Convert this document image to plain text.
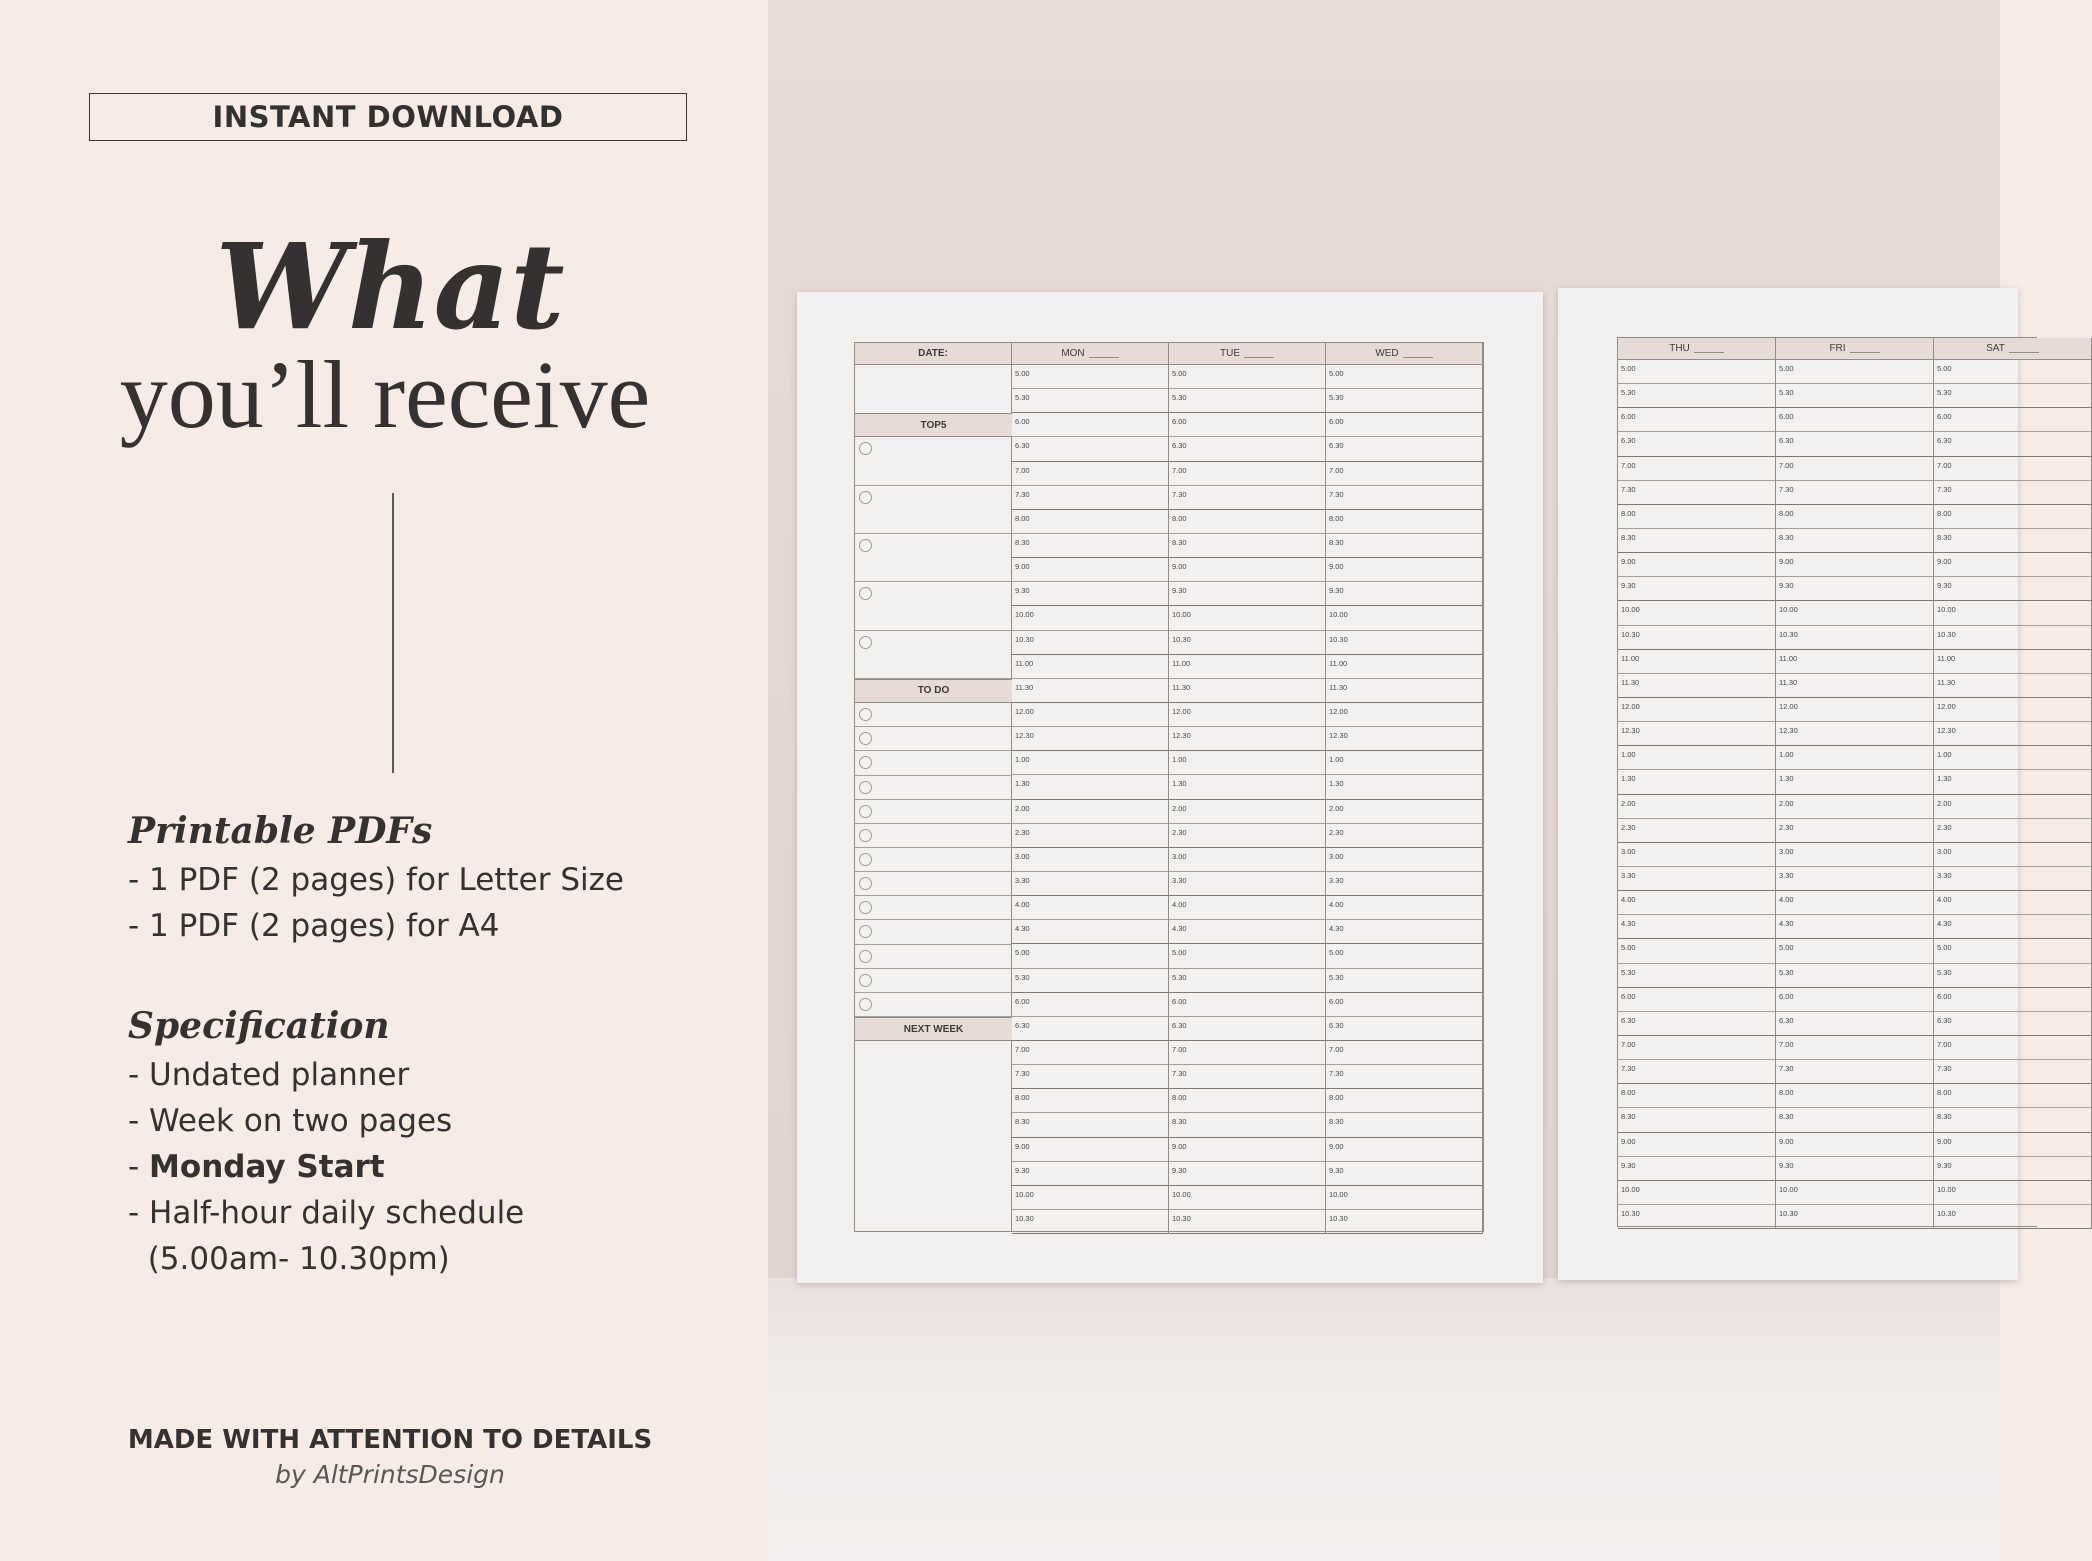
INSTANT DOWNLOAD
What
you’ll receive
Printable PDFs
- 1 PDF (2 pages) for Letter Size
- 1 PDF (2 pages) for A4
Specification
- Undated planner
- Week on two pages
- Monday Start
- Half-hour daily schedule
(5.00am- 10.30pm)
MADE WITH ATTENTION TO DETAILS
by AltPrintsDesign
DATE:	MON
5.00
5.30
6.00
6.30
7.00
7.30
8.00
8.30
9.00
9.30
10.00
10.30
11.00
11.30
12.00
12.30
1.00
1.30
2.00
2.30
3.00
3.30
4.00
4.30
5.00
5.30
6.00
6.30
7.00
7.30
8.00
8.30
9.00
9.30
10.00
10.30
TUE
5.00
5.30
6.00
6.30
7.00
7.30
8.00
8.30
9.00
9.30
10.00
10.30
11.00
11.30
12.00
12.30
1.00
1.30
2.00
2.30
3.00
3.30
4.00
4.30
5.00
5.30
6.00
6.30
7.00
7.30
8.00
8.30
9.00
9.30
10.00
10.30
WED
5.00
5.30
6.00
6.30
7.00
7.30
8.00
8.30
9.00
9.30
10.00
10.30
11.00
11.30
12.00
12.30
1.00
1.30
2.00
2.30
3.00
3.30
4.00
4.30
5.00
5.30
6.00
6.30
7.00
7.30
8.00
8.30
9.00
9.30
10.00
10.30
TOP5
TO DO
NEXT WEEK
THU
5.00
5.30
6.00
6.30
7.00
7.30
8.00
8.30
9.00
9.30
10.00
10.30
11.00
11.30
12.00
12.30
1.00
1.30
2.00
2.30
3.00
3.30
4.00
4.30
5.00
5.30
6.00
6.30
7.00
7.30
8.00
8.30
9.00
9.30
10.00
10.30
FRI
5.00
5.30
6.00
6.30
7.00
7.30
8.00
8.30
9.00
9.30
10.00
10.30
11.00
11.30
12.00
12.30
1.00
1.30
2.00
2.30
3.00
3.30
4.00
4.30
5.00
5.30
6.00
6.30
7.00
7.30
8.00
8.30
9.00
9.30
10.00
10.30
SAT
5.00
5.30
6.00
6.30
7.00
7.30
8.00
8.30
9.00
9.30
10.00
10.30
11.00
11.30
12.00
12.30
1.00
1.30
2.00
2.30
3.00
3.30
4.00
4.30
5.00
5.30
6.00
6.30
7.00
7.30
8.00
8.30
9.00
9.30
10.00
10.30
